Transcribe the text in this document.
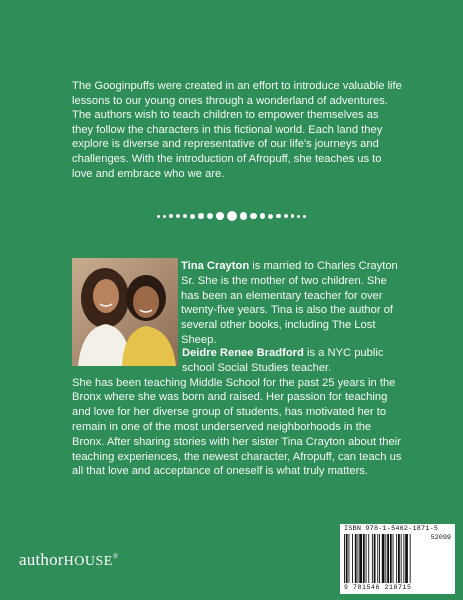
The Googinpuffs were created in an effort to introduce valuable life lessons to our young ones through a wonderland of adventures. The authors wish to teach children to empower themselves as they follow the characters in this fictional world. Each land they explore is diverse and representative of our life's journeys and challenges. With the introduction of Afropuff, she teaches us to love and embrace who we are.

Tina Crayton is married to Charles Crayton Sr. She is the mother of two children. She has been an elementary teacher for over twenty-five years. Tina is also the author of several other books, including The Lost Sheep.

Deidre Renee Bradford is a NYC public school Social Studies teacher.
She has been teaching Middle School for the past 25 years in the Bronx where she was born and raised. Her passion for teaching and love for her diverse group of students, has motivated her to remain in one of the most underserved neighborhoods in the Bronx. After sharing stories with her sister Tina Crayton about their teaching experiences, the newest character, Afropuff, can teach us all that love and acceptance of oneself is what truly matters.

ISBN 978-1-5462-1871-5
52099
9 781546 218715
authorHOUSE®
